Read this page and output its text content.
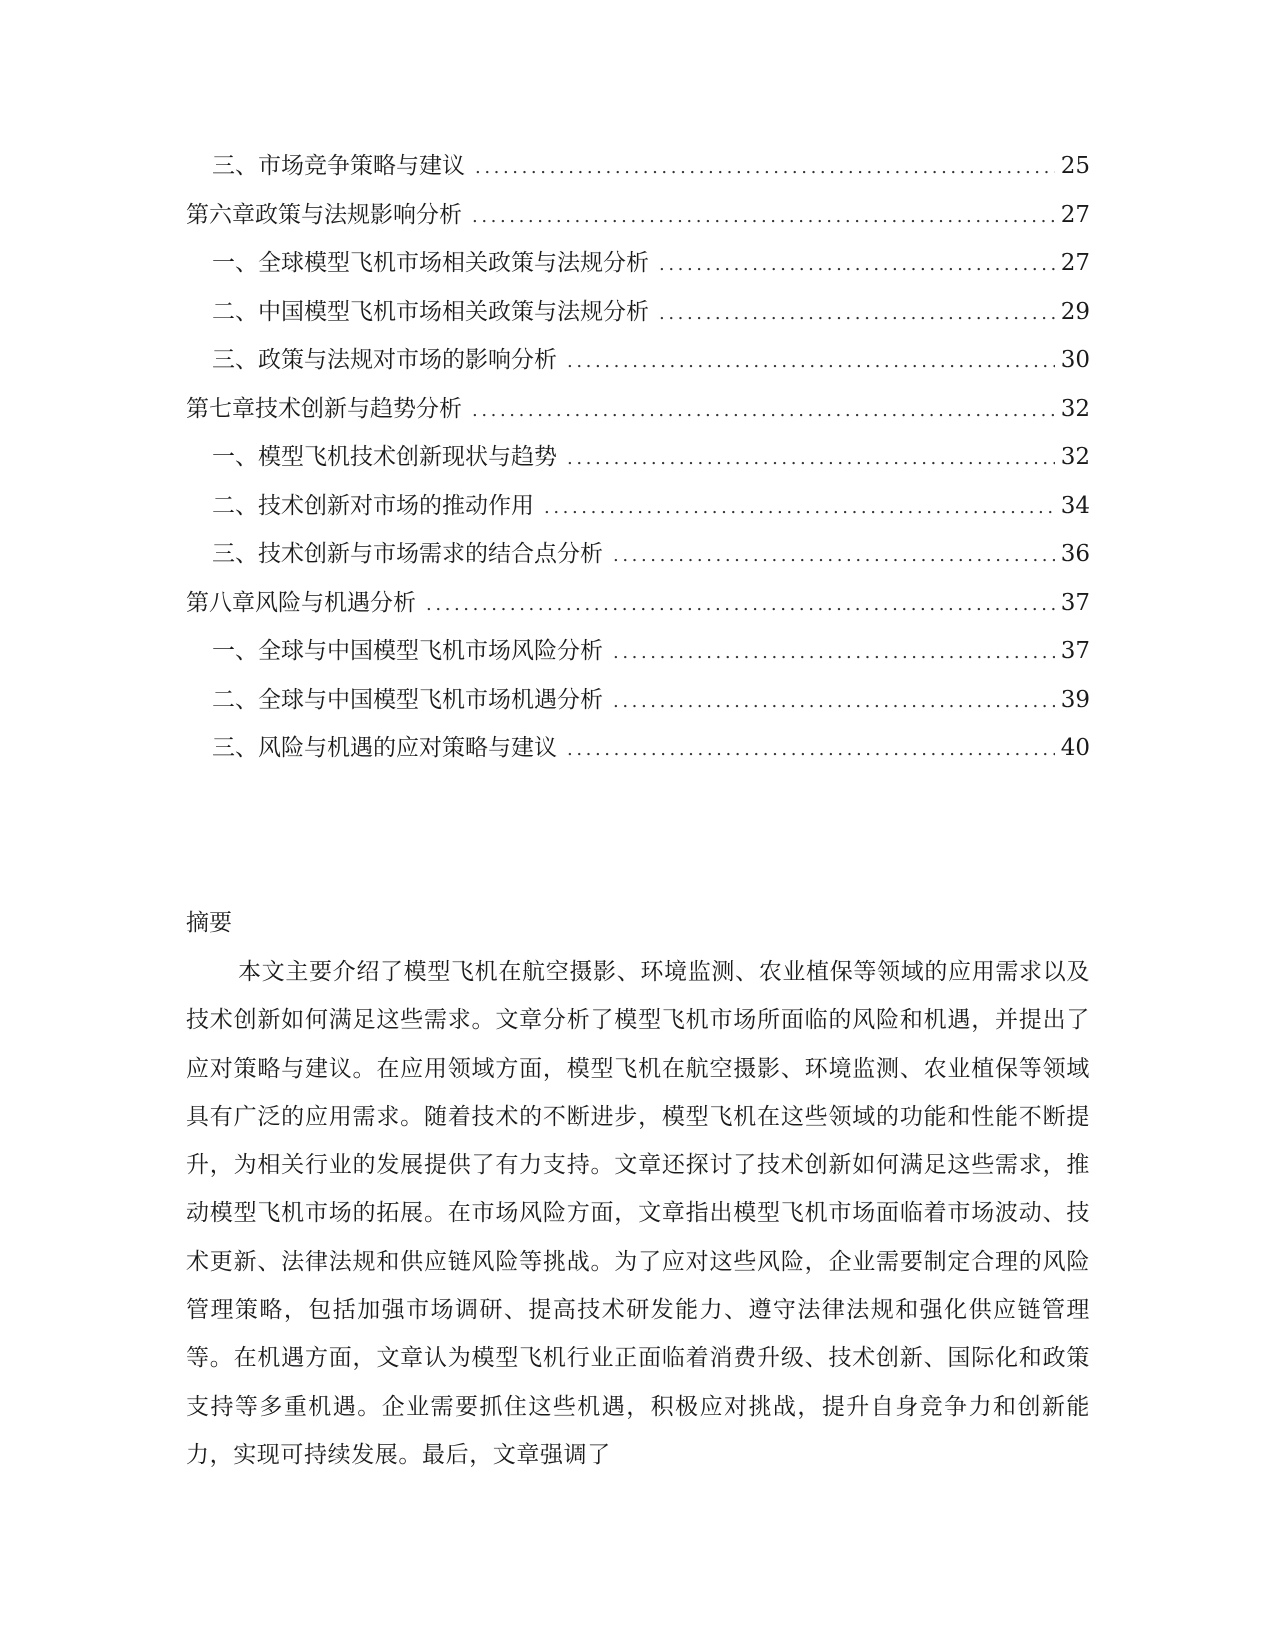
三、 市场竞争策略与建议 .....	25
第六章 政策与法规影响分析 .....	27
一、 全球模型飞机市场相关政策与法规分析 .....	27
二、 中国模型飞机市场相关政策与法规分析 .....	29
三、 政策与法规对市场的影响分析 .....	30
第七章 技术创新与趋势分析 .....	32
一、 模型飞机技术创新现状与趋势 .....	32
二、 技术创新对市场的推动作用 .....	34
三、 技术创新与市场需求的结合点分析 .....	36
第八章 风险与机遇分析 .....	37
一、 全球与中国模型飞机市场风险分析 .....	37
二、 全球与中国模型飞机市场机遇分析 .....	39
三、 风险与机遇的应对策略与建议 .....	40
摘要

本文主要介绍了模型飞机在航空摄影、环境监测、农业植保等领域的应用需求以及技术创新如何满足这些需求。文章分析了模型飞机市场所面临的风险和机遇，并提出了应对策略与建议。在应用领域方面，模型飞机在航空摄影、环境监测、农业植保等领域具有广泛的应用需求。随着技术的不断进步，模型飞机在这些领域的功能和性能不断提升，为相关行业的发展提供了有力支持。文章还探讨了技术创新如何满足这些需求，推动模型飞机市场的拓展。在市场风险方面，文章指出模型飞机市场面临着市场波动、技术更新、法律法规和供应链风险等挑战。为了应对这些风险，企业需要制定合理的风险管理策略，包括加强市场调研、提高技术研发能力、遵守法律法规和强化供应链管理等。在机遇方面，文章认为模型飞机行业正面临着消费升级、技术创新、国际化和政策支持等多重机遇。企业需要抓住这些机遇，积极应对挑战，提升自身竞争力和创新能力，实现可持续发展。最后，文章强调了
